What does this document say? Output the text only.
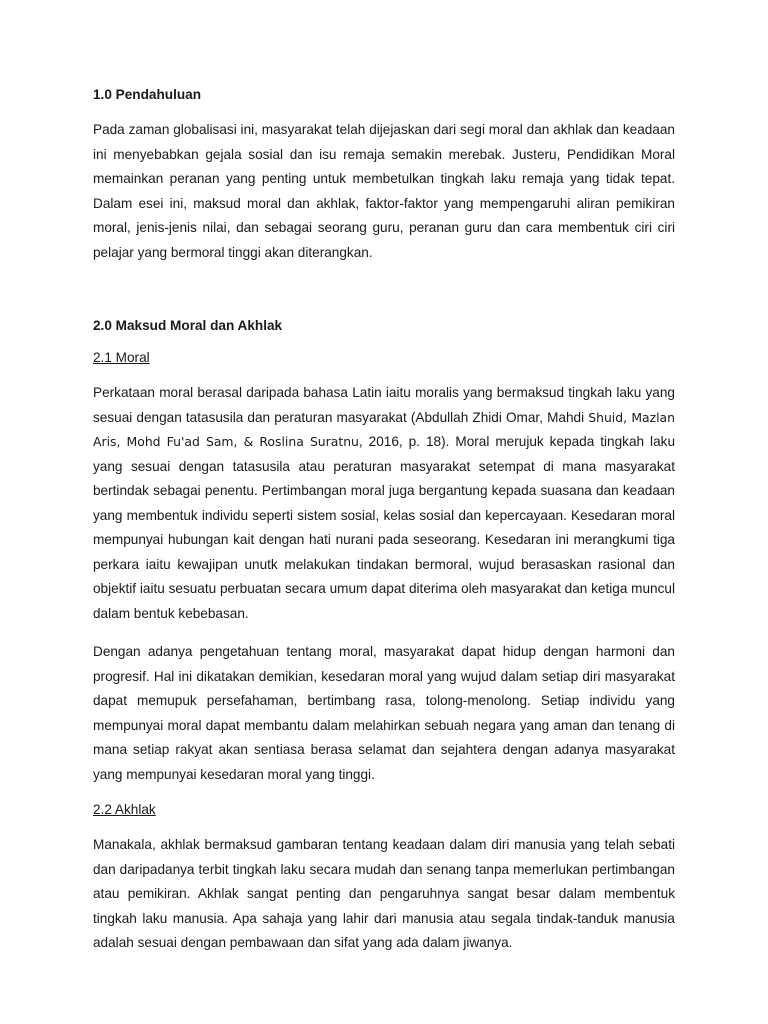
1.0 Pendahuluan

Pada zaman globalisasi ini, masyarakat telah dijejaskan dari segi moral dan akhlak dan keadaan ini menyebabkan gejala sosial dan isu remaja semakin merebak. Justeru, Pendidikan Moral memainkan peranan yang penting untuk membetulkan tingkah laku remaja yang tidak tepat. Dalam esei ini, maksud moral dan akhlak, faktor-faktor yang mempengaruhi aliran pemikiran moral, jenis-jenis nilai, dan sebagai seorang guru, peranan guru dan cara membentuk ciri ciri pelajar yang bermoral tinggi akan diterangkan.

2.0 Maksud Moral dan Akhlak
2.1 Moral

Perkataan moral berasal daripada bahasa Latin iaitu moralis yang bermaksud tingkah laku yang sesuai dengan tatasusila dan peraturan masyarakat (Abdullah Zhidi Omar, Mahdi Shuid, Mazlan Aris, Mohd Fu'ad Sam, & Roslina Suratnu, 2016, p. 18). Moral merujuk kepada tingkah laku yang sesuai dengan tatasusila atau peraturan masyarakat setempat di mana masyarakat bertindak sebagai penentu. Pertimbangan moral juga bergantung kepada suasana dan keadaan yang membentuk individu seperti sistem sosial, kelas sosial dan kepercayaan. Kesedaran moral mempunyai hubungan kait dengan hati nurani pada seseorang. Kesedaran ini merangkumi tiga perkara iaitu kewajipan unutk melakukan tindakan bermoral, wujud berasaskan rasional dan objektif iaitu sesuatu perbuatan secara umum dapat diterima oleh masyarakat dan ketiga muncul dalam bentuk kebebasan.

Dengan adanya pengetahuan tentang moral, masyarakat dapat hidup dengan harmoni dan progresif. Hal ini dikatakan demikian, kesedaran moral yang wujud dalam setiap diri masyarakat dapat memupuk persefahaman, bertimbang rasa, tolong-menolong. Setiap individu yang mempunyai moral dapat membantu dalam melahirkan sebuah negara yang aman dan tenang di mana setiap rakyat akan sentiasa berasa selamat dan sejahtera dengan adanya masyarakat yang mempunyai kesedaran moral yang tinggi.

2.2 Akhlak

Manakala, akhlak bermaksud gambaran tentang keadaan dalam diri manusia yang telah sebati dan daripadanya terbit tingkah laku secara mudah dan senang tanpa memerlukan pertimbangan atau pemikiran. Akhlak sangat penting dan pengaruhnya sangat besar dalam membentuk tingkah laku manusia. Apa sahaja yang lahir dari manusia atau segala tindak-tanduk manusia adalah sesuai dengan pembawaan dan sifat yang ada dalam jiwanya.
